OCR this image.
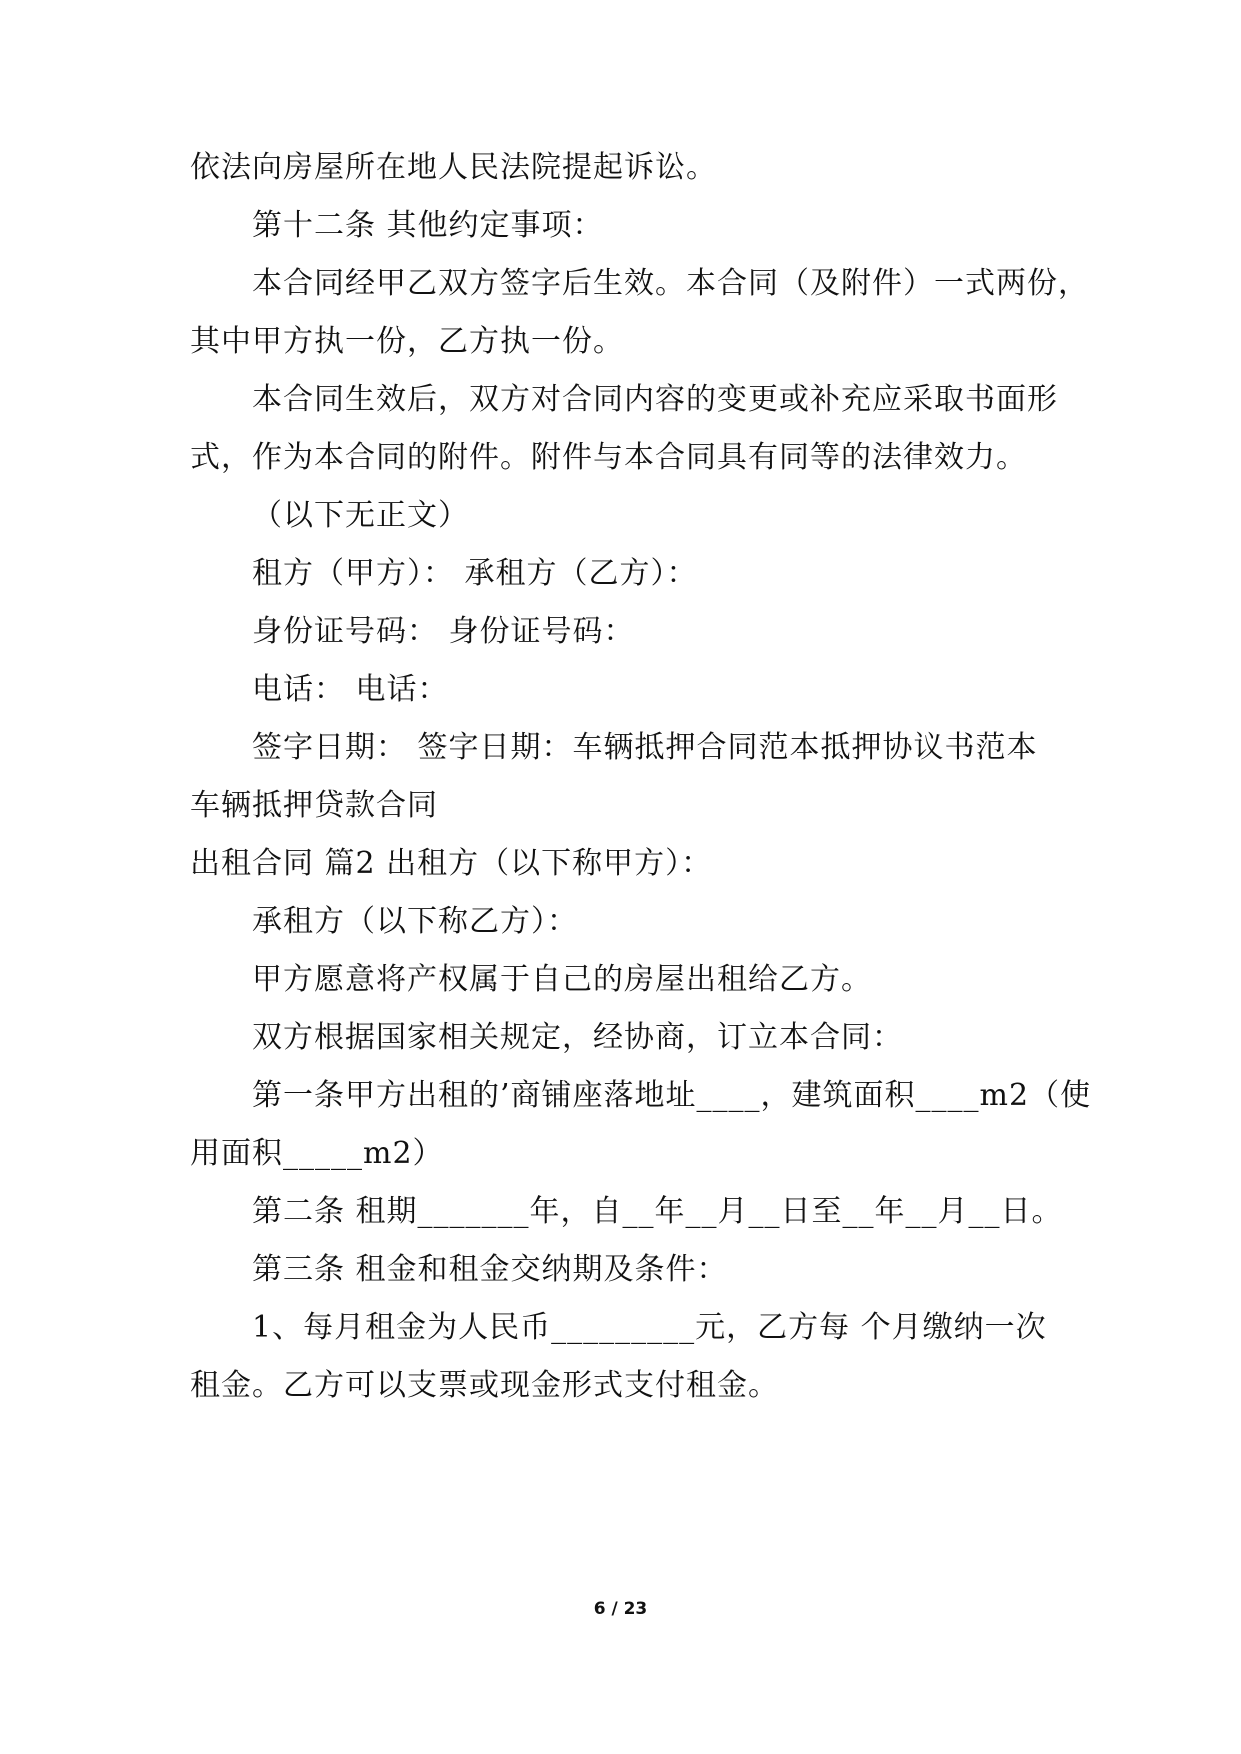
依法向房屋所在地人民法院提起诉讼。
第十二条 其他约定事项：
本合同经甲乙双方签字后生效。本合同（及附件）一式两份，
其中甲方执一份，乙方执一份。
本合同生效后，双方对合同内容的变更或补充应采取书面形
式，作为本合同的附件。附件与本合同具有同等的法律效力。
（以下无正文）
租方（甲方）： 承租方（乙方）：
身份证号码： 身份证号码：
电话： 电话：
签字日期： 签字日期：车辆抵押合同范本抵押协议书范本
车辆抵押贷款合同
出租合同 篇2 出租方（以下称甲方）：
承租方（以下称乙方）：
甲方愿意将产权属于自己的房屋出租给乙方。
双方根据国家相关规定，经协商，订立本合同：
第一条甲方出租的’商铺座落地址____，建筑面积____m2（使
用面积_____m2）
第二条 租期_______年，自__年__月__日至__年__月__日。
第三条 租金和租金交纳期及条件：
1、每月租金为人民币_________元，乙方每 个月缴纳一次
租金。乙方可以支票或现金形式支付租金。
6 / 23
